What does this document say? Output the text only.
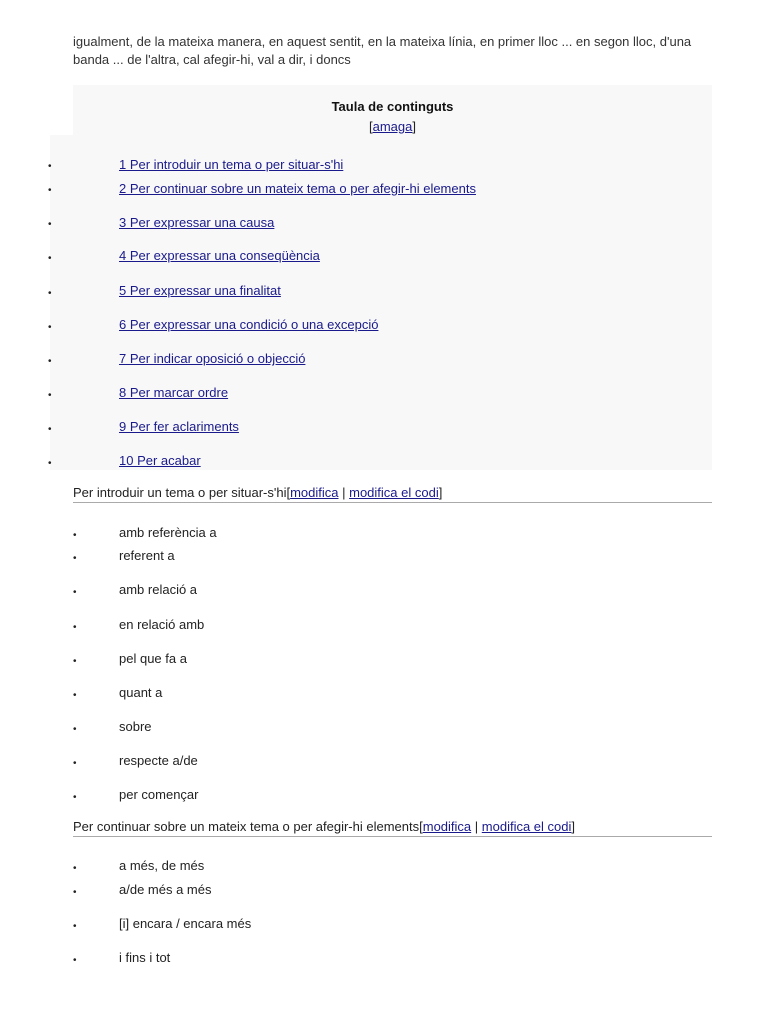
igualment, de la mateixa manera, en aquest sentit, en la mateixa línia, en primer lloc ... en segon lloc, d'una banda ... de l'altra, cal afegir-hi, val a dir, i doncs
Taula de continguts
[amaga]
•	1 Per introduir un tema o per situar-s'hi
•	2 Per continuar sobre un mateix tema o per afegir-hi elements
•	3 Per expressar una causa
•	4 Per expressar una conseqüència
•	5 Per expressar una finalitat
•	6 Per expressar una condició o una excepció
•	7 Per indicar oposició o objecció
•	8 Per marcar ordre
•	9 Per fer aclariments
•	10 Per acabar
Per introduir un tema o per situar-s'hi[modifica | modifica el codi]
•	amb referència a
•	referent a
•	amb relació a
•	en relació amb
•	pel que fa a
•	quant a
•	sobre
•	respecte a/de
•	per començar
Per continuar sobre un mateix tema o per afegir-hi elements[modifica | modifica el codi]
•	a més, de més
•	a/de més a més
•	[i] encara / encara més
•	i fins i tot
